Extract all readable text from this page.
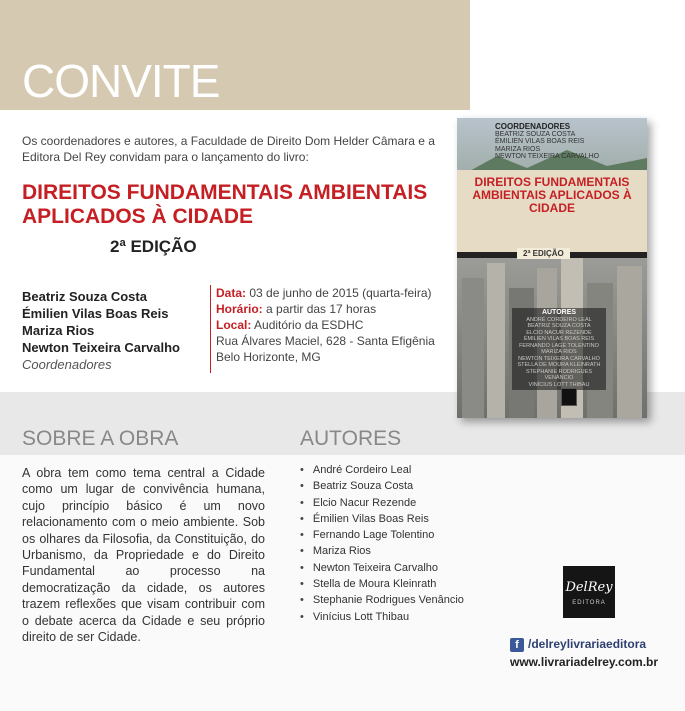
CONVITE
Os coordenadores e autores, a Faculdade de Direito Dom Helder Câmara e a Editora Del Rey convidam para o lançamento do livro:
DIREITOS FUNDAMENTAIS AMBIENTAIS
APLICADOS À CIDADE
2ª EDIÇÃO
Beatriz Souza Costa
Émilien Vilas Boas Reis
Mariza Rios
Newton Teixeira Carvalho
Coordenadores
Data: 03 de junho de 2015 (quarta-feira)
Horário: a partir das 17 horas
Local: Auditório da ESDHC
Rua Álvares Maciel, 628 - Santa Efigênia
Belo Horizonte, MG
SOBRE A OBRA	AUTORES
A obra tem como tema central a Cidade como um lugar de convivência humana, cujo princípio básico é um novo relacionamento com o meio ambiente. Sob os olhares da Filosofia, da Constituição, do Urbanismo, da Propriedade e do Direito Fundamental ao processo na democratização da cidade, os autores trazem reflexões que visam contribuir com o debate acerca da Cidade e seu próprio direito de ser Cidade.
• André Cordeiro Leal
• Beatriz Souza Costa
• Elcio Nacur Rezende
• Émilien Vilas Boas Reis
• Fernando Lage Tolentino
• Mariza Rios
• Newton Teixeira Carvalho
• Stella de Moura Kleinrath
• Stephanie Rodrigues Venâncio
• Vinícius Lott Thibau
COORDENADORES
BEATRIZ SOUZA COSTA
ÉMILIEN VILAS BOAS REIS
MARIZA RIOS
NEWTON TEIXEIRA CARVALHO
DIREITOS FUNDAMENTAIS AMBIENTAIS APLICADOS À CIDADE
2ª EDIÇÃO
AUTORES
ANDRÉ CORDEIRO LEAL
BEATRIZ SOUZA COSTA
ELCIO NACUR REZENDE
ÉMILIEN VILAS BOAS REIS
FERNANDO LAGE TOLENTINO
MARIZA RIOS
NEWTON TEIXEIRA CARVALHO
STELLA DE MOURA KLEINRATH
STEPHANIE RODRIGUES VENÂNCIO
VINÍCIUS LOTT THIBAU
DelRey
EDITORA
f /delreylivrariaeditora
www.livrariadelrey.com.br
